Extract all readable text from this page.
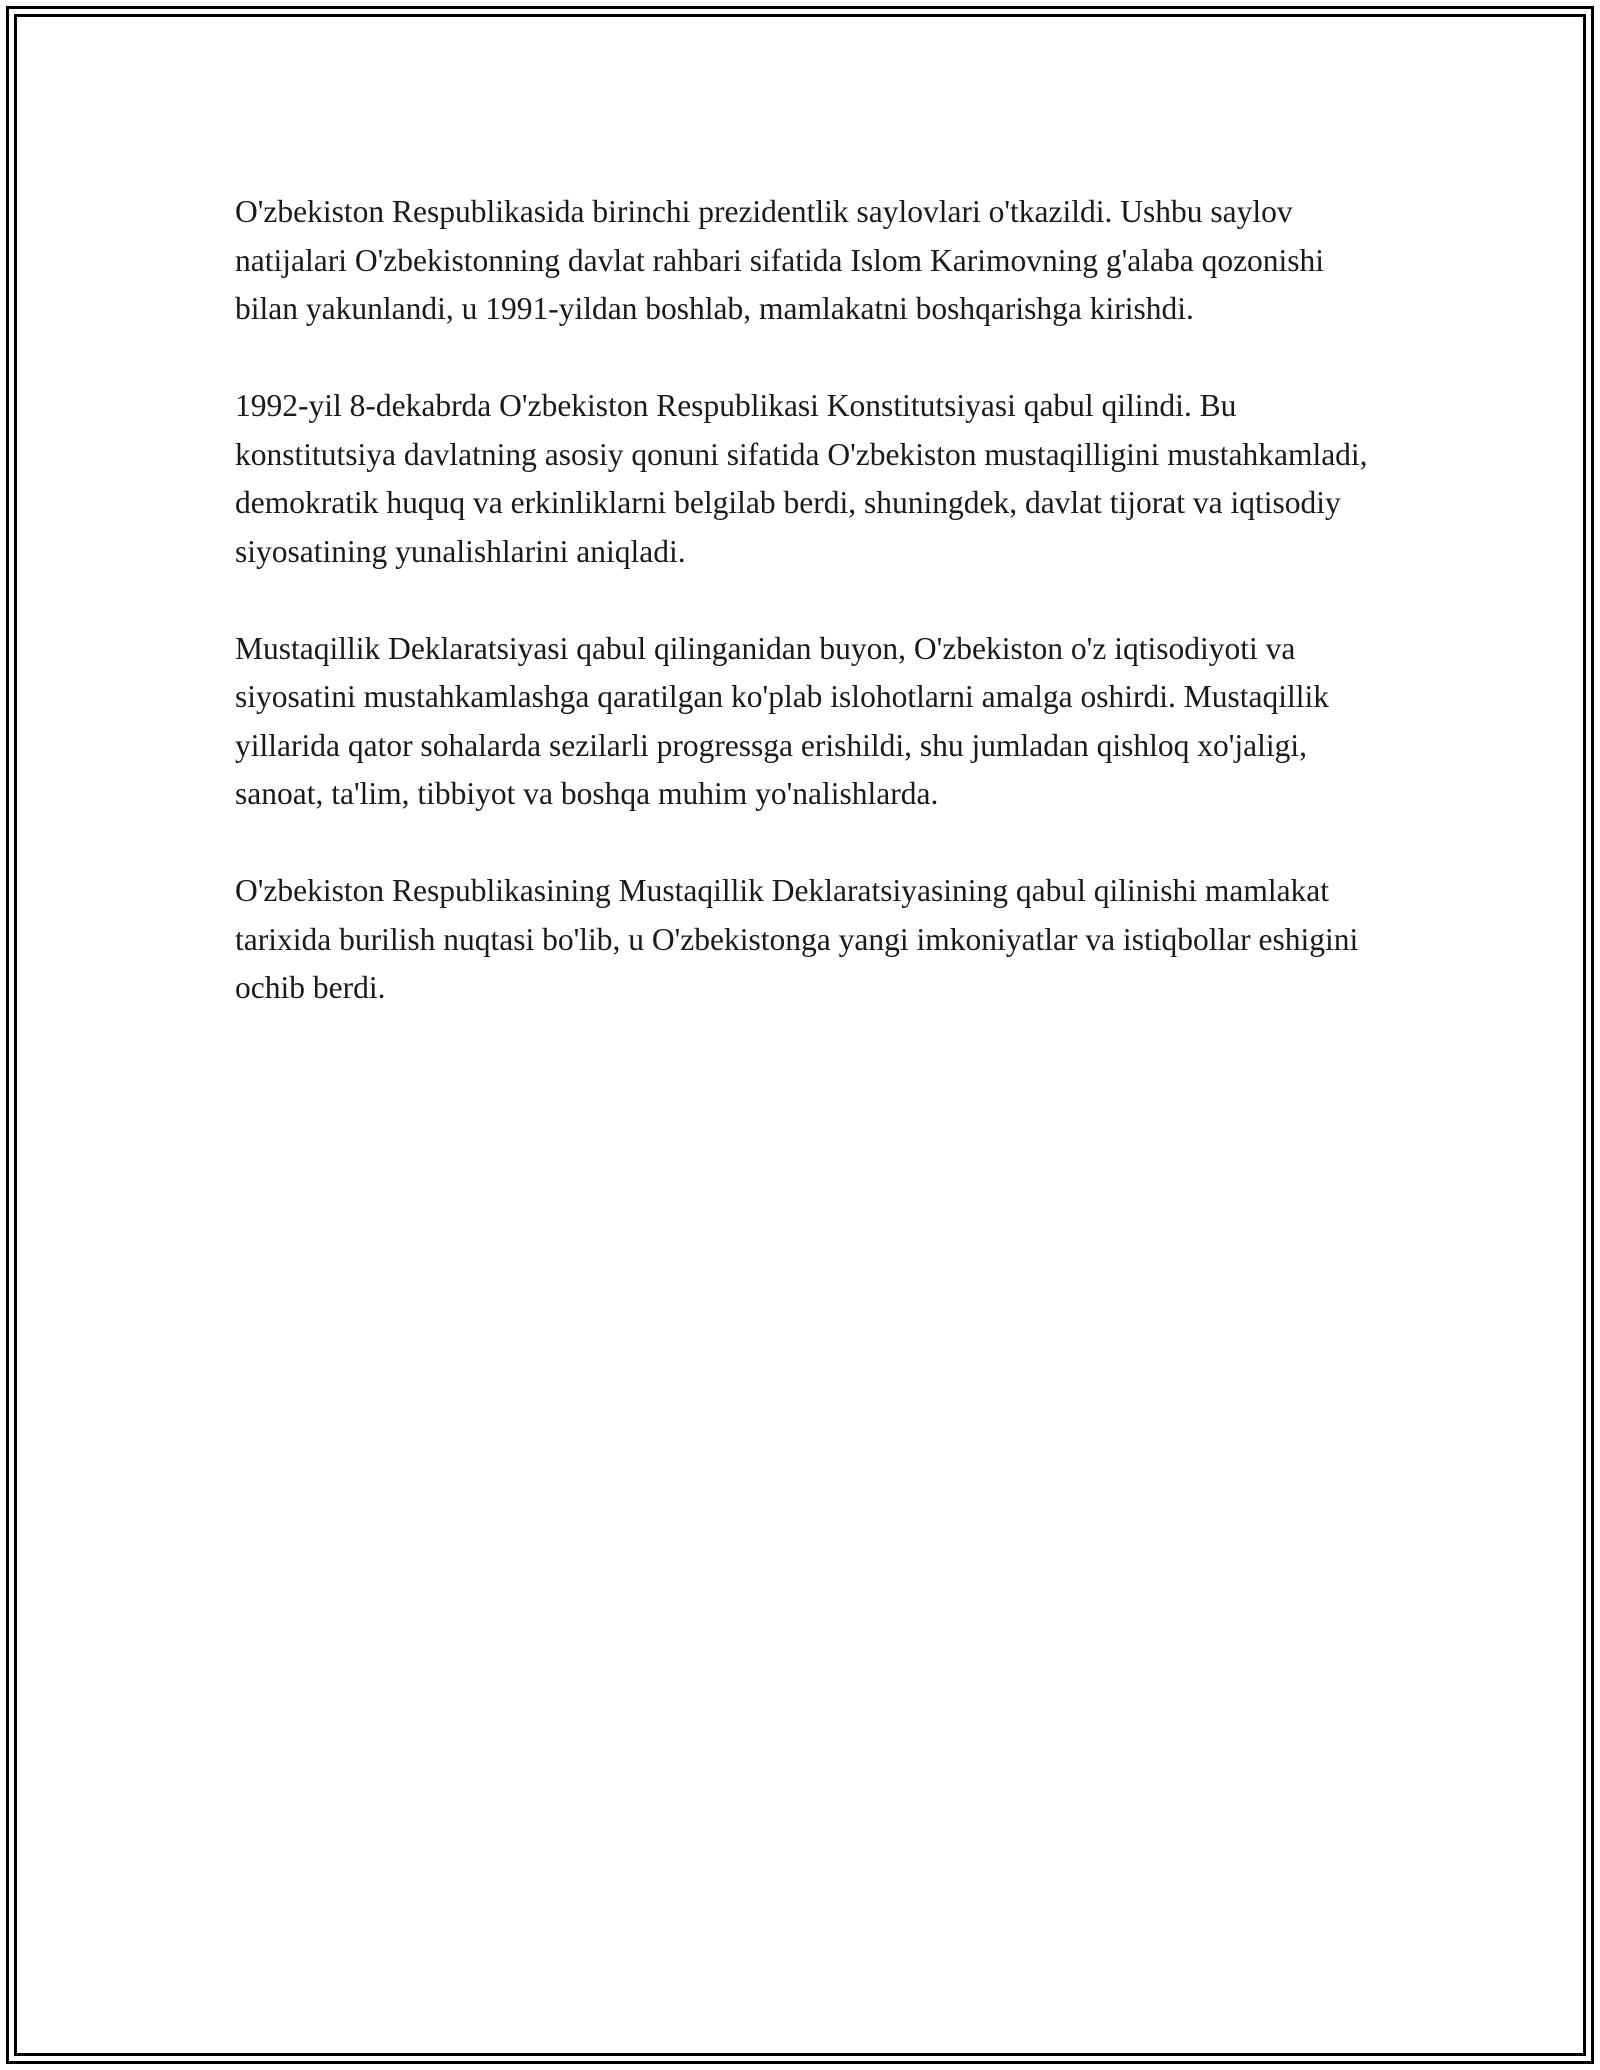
O'zbekiston Respublikasida birinchi prezidentlik saylovlari o'tkazildi. Ushbu saylov natijalari O'zbekistonning davlat rahbari sifatida Islom Karimovning g'alaba qozonishi bilan yakunlandi, u 1991-yildan boshlab, mamlakatni boshqarishga kirishdi.

1992-yil 8-dekabrda O'zbekiston Respublikasi Konstitutsiyasi qabul qilindi. Bu konstitutsiya davlatning asosiy qonuni sifatida O'zbekiston mustaqilligini mustahkamladi, demokratik huquq va erkinliklarni belgilab berdi, shuningdek, davlat tijorat va iqtisodiy siyosatining yunalishlarini aniqladi.

Mustaqillik Deklaratsiyasi qabul qilinganidan buyon, O'zbekiston o'z iqtisodiyoti va siyosatini mustahkamlashga qaratilgan ko'plab islohotlarni amalga oshirdi. Mustaqillik yillarida qator sohalarda sezilarli progressga erishildi, shu jumladan qishloq xo'jaligi, sanoat, ta'lim, tibbiyot va boshqa muhim yo'nalishlarda.

O'zbekiston Respublikasining Mustaqillik Deklaratsiyasining qabul qilinishi mamlakat tarixida burilish nuqtasi bo'lib, u O'zbekistonga yangi imkoniyatlar va istiqbollar eshigini ochib berdi.
